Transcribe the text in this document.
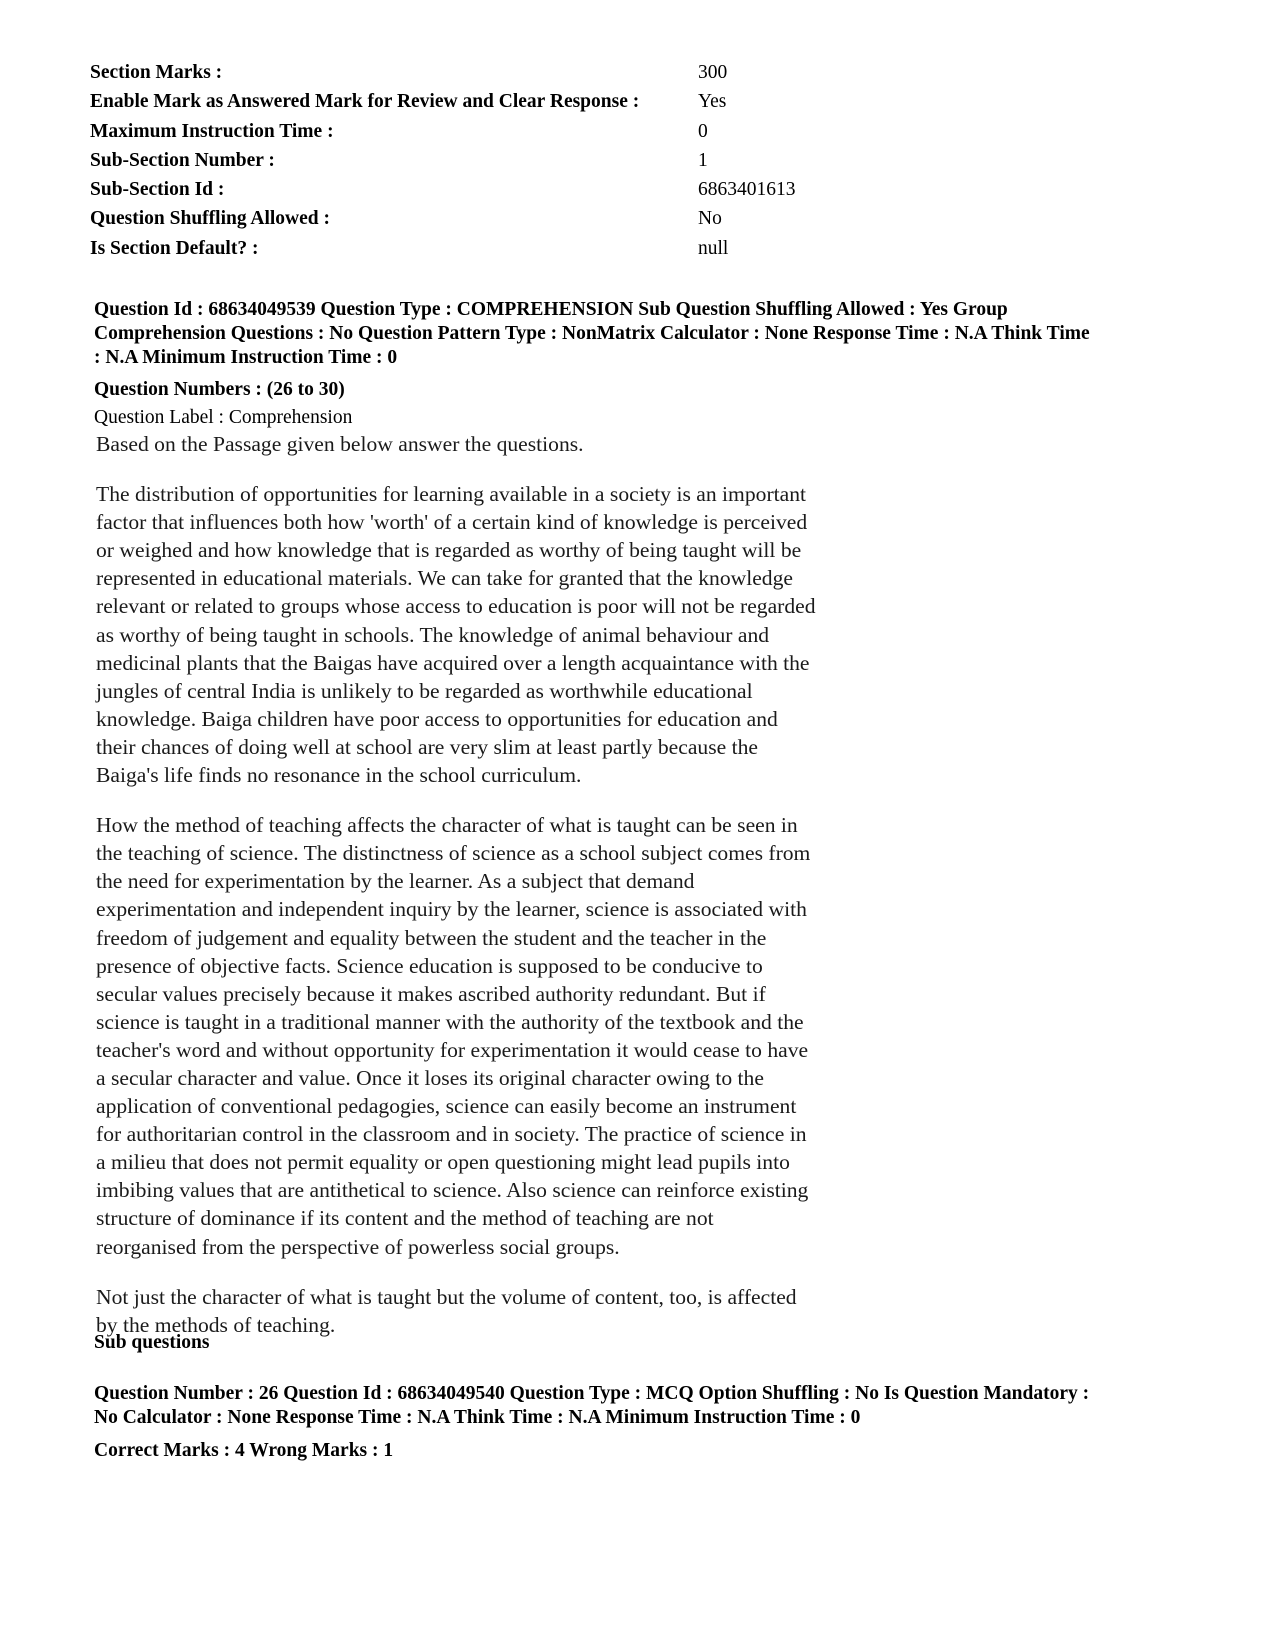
Section Marks :	300
Enable Mark as Answered Mark for Review and Clear Response :	Yes
Maximum Instruction Time :	0
Sub-Section Number :	1
Sub-Section Id :	6863401613
Question Shuffling Allowed :	No
Is Section Default? :	null

Question Id : 68634049539 Question Type : COMPREHENSION Sub Question Shuffling Allowed : Yes Group
Comprehension Questions : No Question Pattern Type : NonMatrix Calculator : None Response Time : N.A Think Time
: N.A Minimum Instruction Time : 0

Question Numbers : (26 to 30)

Question Label : Comprehension

Based on the Passage given below answer the questions.

The distribution of opportunities for learning available in a society is an important
factor that influences both how 'worth' of a certain kind of knowledge is perceived
or weighed and how knowledge that is regarded as worthy of being taught will be
represented in educational materials. We can take for granted that the knowledge
relevant or related to groups whose access to education is poor will not be regarded
as worthy of being taught in schools. The knowledge of animal behaviour and
medicinal plants that the Baigas have acquired over a length acquaintance with the
jungles of central India is unlikely to be regarded as worthwhile educational
knowledge. Baiga children have poor access to opportunities for education and
their chances of doing well at school are very slim at least partly because the
Baiga's life finds no resonance in the school curriculum.

How the method of teaching affects the character of what is taught can be seen in
the teaching of science. The distinctness of science as a school subject comes from
the need for experimentation by the learner. As a subject that demand
experimentation and independent inquiry by the learner, science is associated with
freedom of judgement and equality between the student and the teacher in the
presence of objective facts. Science education is supposed to be conducive to
secular values precisely because it makes ascribed authority redundant. But if
science is taught in a traditional manner with the authority of the textbook and the
teacher's word and without opportunity for experimentation it would cease to have
a secular character and value. Once it loses its original character owing to the
application of conventional pedagogies, science can easily become an instrument
for authoritarian control in the classroom and in society. The practice of science in
a milieu that does not permit equality or open questioning might lead pupils into
imbibing values that are antithetical to science. Also science can reinforce existing
structure of dominance if its content and the method of teaching are not
reorganised from the perspective of powerless social groups.

Not just the character of what is taught but the volume of content, too, is affected
by the methods of teaching.

Sub questions

Question Number : 26 Question Id : 68634049540 Question Type : MCQ Option Shuffling : No Is Question Mandatory :
No Calculator : None Response Time : N.A Think Time : N.A Minimum Instruction Time : 0

Correct Marks : 4 Wrong Marks : 1
